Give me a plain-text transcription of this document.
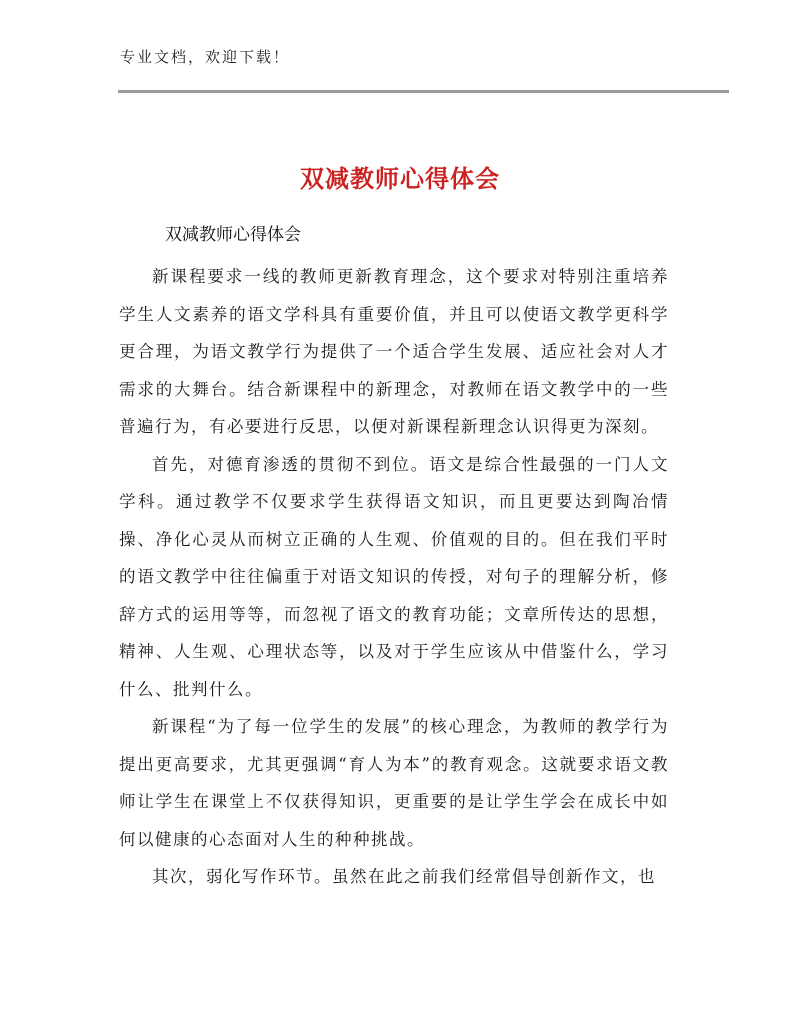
专业文档，欢迎下载！
双减教师心得体会
双减教师心得体会

新课程要求一线的教师更新教育理念，这个要求对特别注重培养学生人文素养的语文学科具有重要价值，并且可以使语文教学更科学更合理，为语文教学行为提供了一个适合学生发展、适应社会对人才需求的大舞台。结合新课程中的新理念，对教师在语文教学中的一些普遍行为，有必要进行反思，以便对新课程新理念认识得更为深刻。

首先，对德育渗透的贯彻不到位。语文是综合性最强的一门人文学科。通过教学不仅要求学生获得语文知识，而且更要达到陶冶情操、净化心灵从而树立正确的人生观、价值观的目的。但在我们平时的语文教学中往往偏重于对语文知识的传授，对句子的理解分析，修辞方式的运用等等，而忽视了语文的教育功能；文章所传达的思想，精神、人生观、心理状态等，以及对于学生应该从中借鉴什么，学习什么、批判什么。

新课程“为了每一位学生的发展”的核心理念，为教师的教学行为提出更高要求，尤其更强调“育人为本”的教育观念。这就要求语文教师让学生在课堂上不仅获得知识，更重要的是让学生学会在成长中如何以健康的心态面对人生的种种挑战。

其次，弱化写作环节。虽然在此之前我们经常倡导创新作文，也
